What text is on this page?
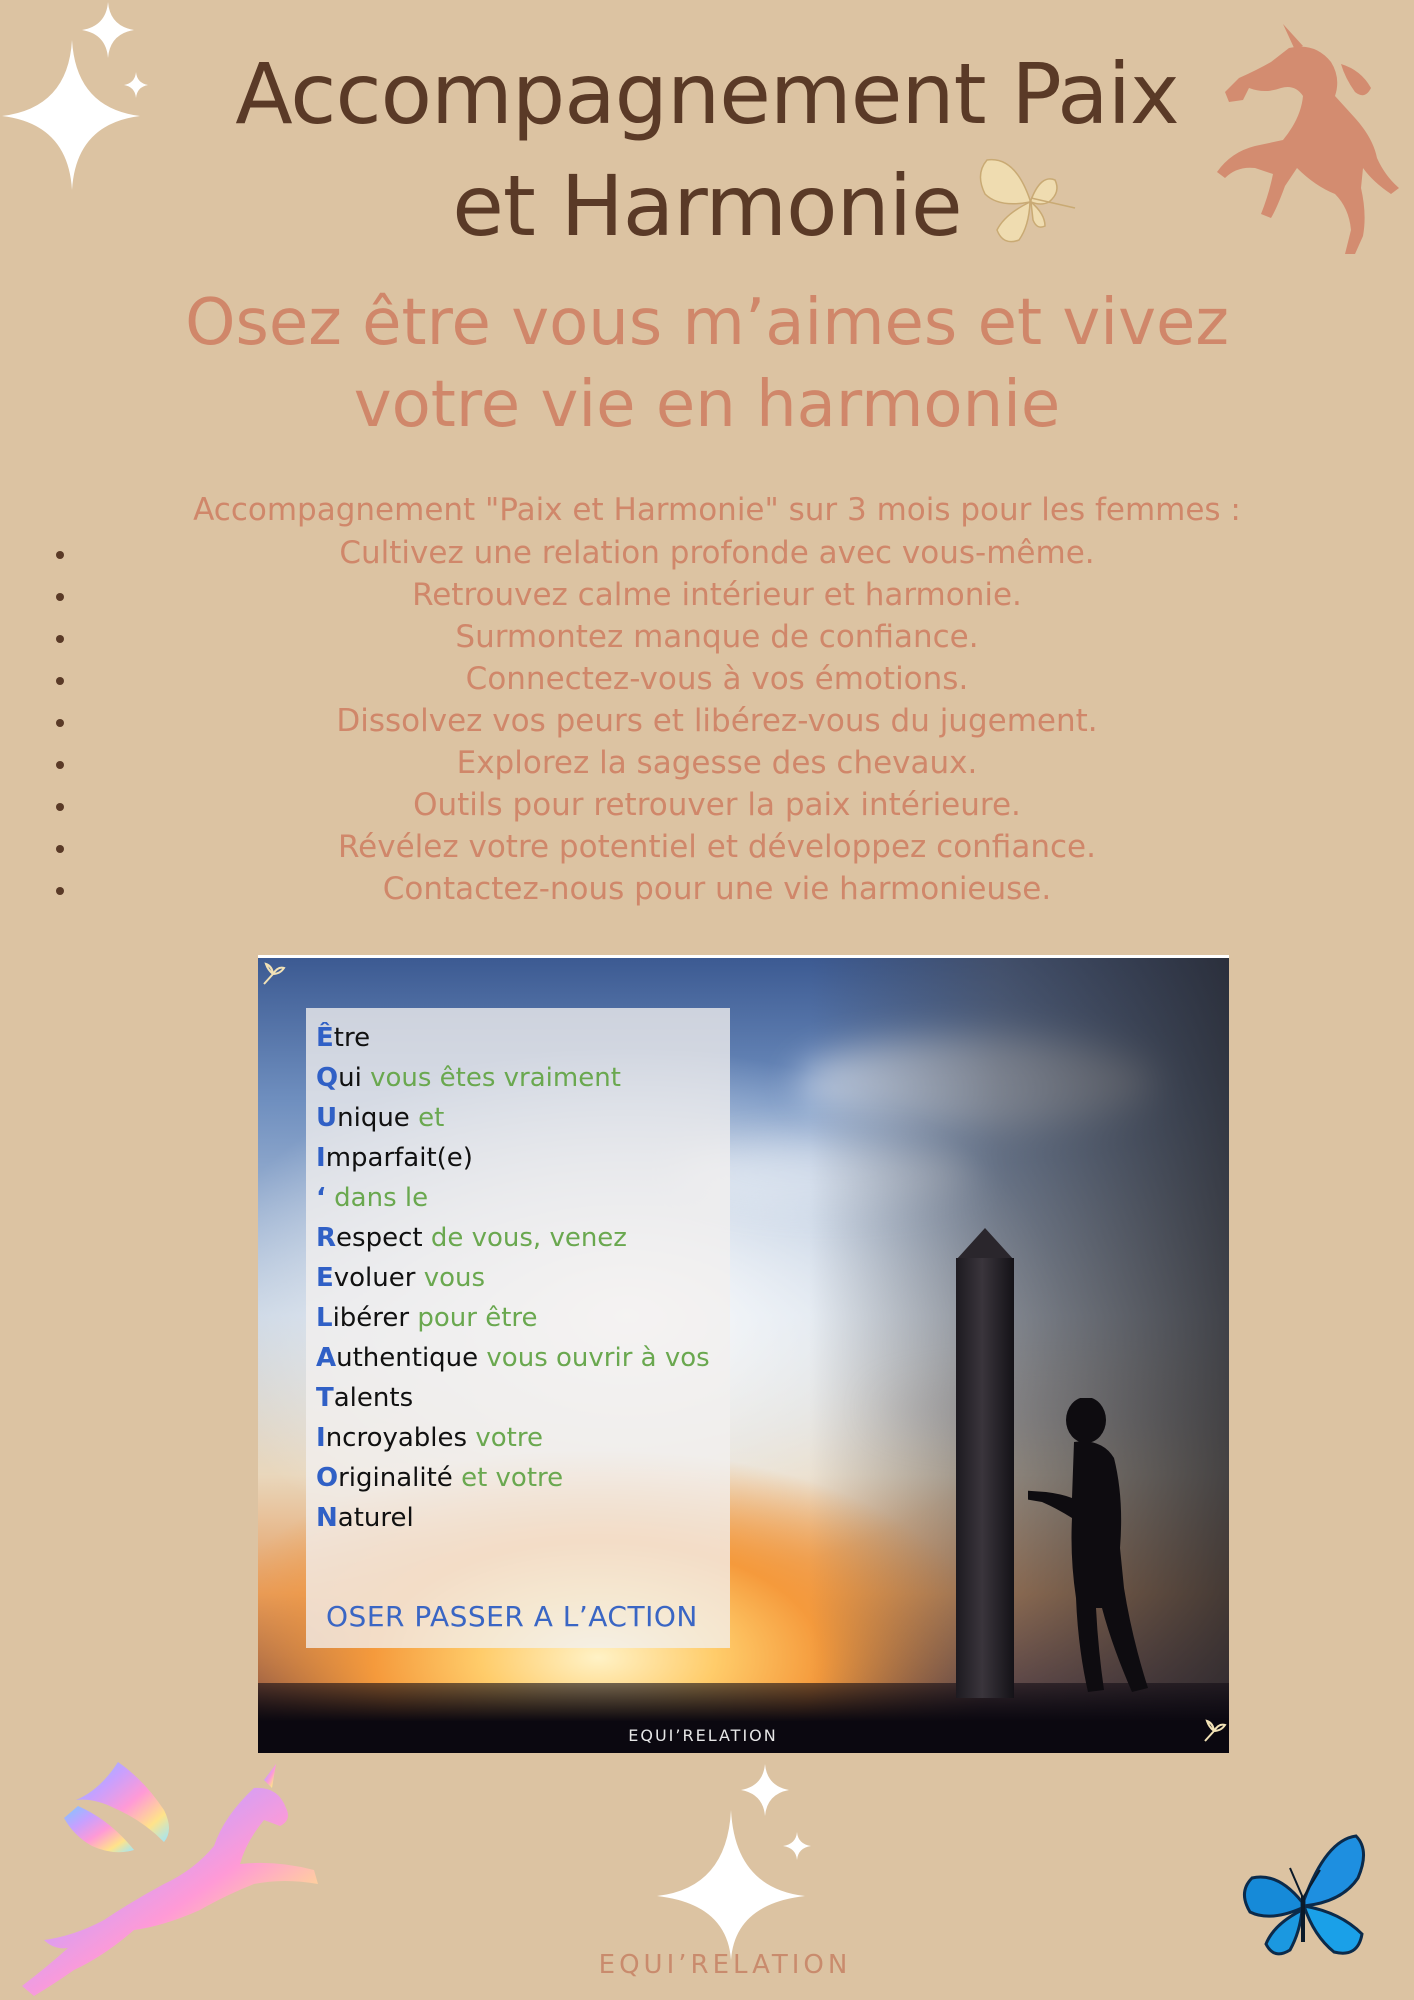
Accompagnement Paix
et Harmonie
Osez être vous m’aimes et vivez
votre vie en harmonie
Accompagnement "Paix et Harmonie" sur 3 mois pour les femmes :
Cultivez une relation profonde avec vous-même.
Retrouvez calme intérieur et harmonie.
Surmontez manque de confiance.
Connectez-vous à vos émotions.
Dissolvez vos peurs et libérez-vous du jugement.
Explorez la sagesse des chevaux.
Outils pour retrouver la paix intérieure.
Révélez votre potentiel et développez confiance.
Contactez-nous pour une vie harmonieuse.
Être
Qui vous êtes vraiment
Unique et
Imparfait(e)
‘ dans le
Respect de vous, venez
Evoluer vous
Libérer pour être
Authentique vous ouvrir à vos
Talents
Incroyables votre
Originalité et votre
Naturel
OSER PASSER A L’ACTION
EQUI’RELATION
EQUI’RELATION
